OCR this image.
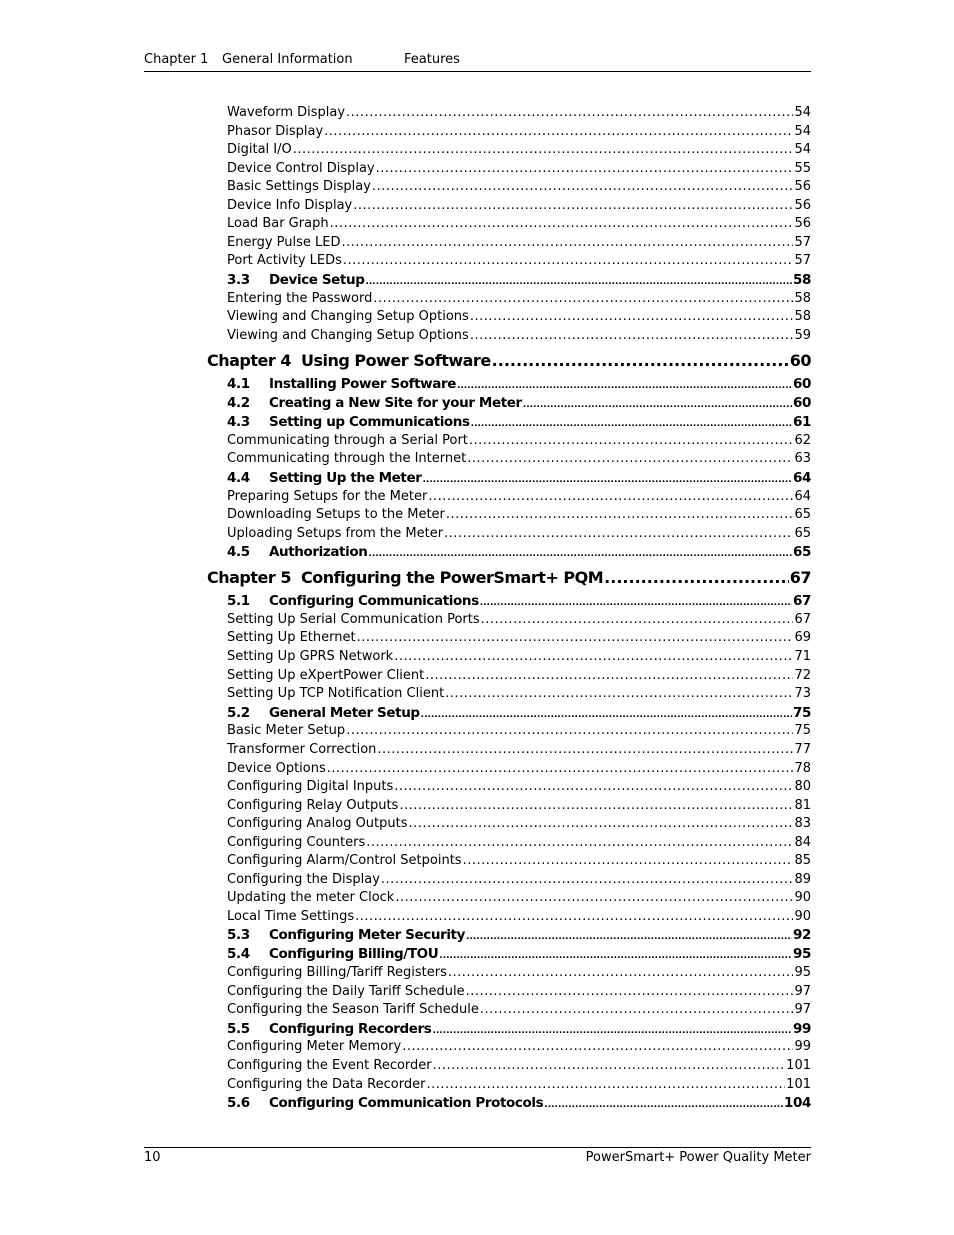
Chapter 1 General Information	Features
Waveform Display .....	54
Phasor Display .....	54
Digital I/O .....	54
Device Control Display .....	55
Basic Settings Display .....	56
Device Info Display .....	56
Load Bar Graph .....	56
Energy Pulse LED .....	57
Port Activity LEDs .....	57
3.3	Device Setup .....	58
Entering the Password .....	58
Viewing and Changing Setup Options .....	58
Viewing and Changing Setup Options .....	59
Chapter 4 Using Power Software .....	60
4.1	Installing Power Software .....	60
4.2	Creating a New Site for your Meter .....	60
4.3	Setting up Communications .....	61
Communicating through a Serial Port .....	62
Communicating through the Internet .....	63
4.4	Setting Up the Meter .....	64
Preparing Setups for the Meter .....	64
Downloading Setups to the Meter .....	65
Uploading Setups from the Meter .....	65
4.5	Authorization .....	65
Chapter 5 Configuring the PowerSmart+ PQM .....	67
5.1	Configuring Communications .....	67
Setting Up Serial Communication Ports .....	67
Setting Up Ethernet .....	69
Setting Up GPRS Network .....	71
Setting Up eXpertPower Client .....	72
Setting Up TCP Notification Client .....	73
5.2	General Meter Setup .....	75
Basic Meter Setup .....	75
Transformer Correction .....	77
Device Options .....	78
Configuring Digital Inputs .....	80
Configuring Relay Outputs .....	81
Configuring Analog Outputs .....	83
Configuring Counters .....	84
Configuring Alarm/Control Setpoints .....	85
Configuring the Display .....	89
Updating the meter Clock .....	90
Local Time Settings .....	90
5.3	Configuring Meter Security .....	92
5.4	Configuring Billing/TOU .....	95
Configuring Billing/Tariff Registers .....	95
Configuring the Daily Tariff Schedule .....	97
Configuring the Season Tariff Schedule .....	97
5.5	Configuring Recorders .....	99
Configuring Meter Memory .....	99
Configuring the Event Recorder .....	101
Configuring the Data Recorder .....	101
5.6	Configuring Communication Protocols .....	104
10	PowerSmart+ Power Quality Meter
